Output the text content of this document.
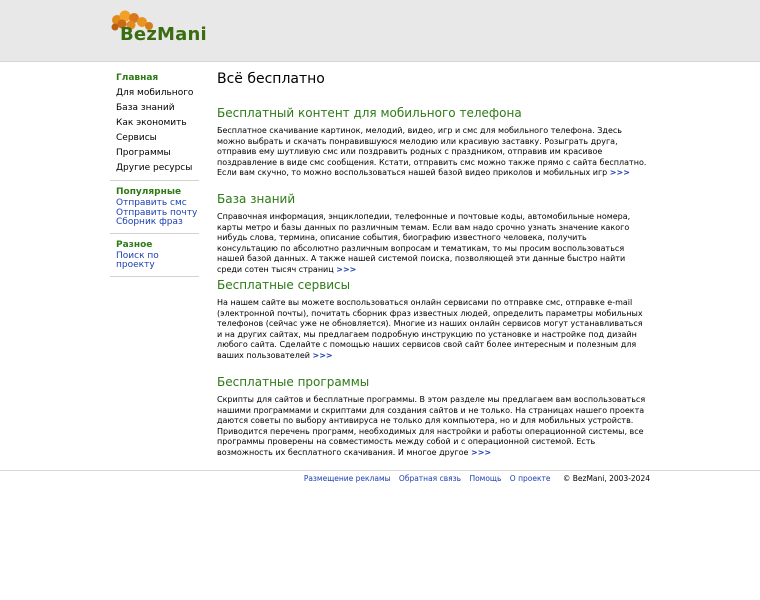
BezMani
Главная
Для мобильного
База знаний
Как экономить
Сервисы
Программы
Другие ресурсы
Популярные
Отправить смс
Отправить почту
Сборник фраз
Разное
Поиск по проекту
Всё бесплатно
Бесплатный контент для мобильного телефона

Бесплатное скачивание картинок, мелодий, видео, игр и смс для мобильного телефона. Здесь можно выбрать и скачать понравившуюся мелодию или красивую заставку. Розыграть друга, отправив ему шутливую смс или поздравить родных с праздником, отправив им красивое поздравление в виде смс сообщения. Кстати, отправить смс можно также прямо с сайта бесплатно. Если вам скучно, то можно воспользоваться нашей базой видео приколов и мобильных игр >>>

База знаний

Справочная информация, энциклопедии, телефонные и почтовые коды, автомобильные номера, карты метро и базы данных по различным темам. Если вам надо срочно узнать значение какого нибудь слова, термина, описание события, биографию известного человека, получить консультацию по абсолютно различным вопросам и тематикам, то мы просим воспользоваться нашей базой данных. А также нашей системой поиска, позволяющей эти данные быстро найти среди сотен тысяч страниц >>>

Бесплатные сервисы

На нашем сайте вы можете воспользоваться онлайн сервисами по отправке смс, отправке e-mail (электронной почты), почитать сборник фраз известных людей, определить параметры мобильных телефонов (сейчас уже не обновляется). Многие из наших онлайн сервисов могут устанавливаться и на других сайтах, мы предлагаем подробную инструкцию по установке и настройке под дизайн любого сайта. Сделайте с помощью наших сервисов свой сайт более интересным и полезным для ваших пользователей >>>

Бесплатные программы

Скрипты для сайтов и бесплатные программы. В этом разделе мы предлагаем вам воспользоваться нашими программами и скриптами для создания сайтов и не только. На страницах нашего проекта даются советы по выбору антивируса не только для компьютера, но и для мобильных устройств. Приводится перечень программ, необходимых для настройки и работы операционной системы, все программы проверены на совместимость между собой и с операционной системой. Есть возможность их бесплатного скачивания. И многое другое >>>

Размещение рекламы Обратная связь Помощь О проекте © BezMani, 2003-2024
